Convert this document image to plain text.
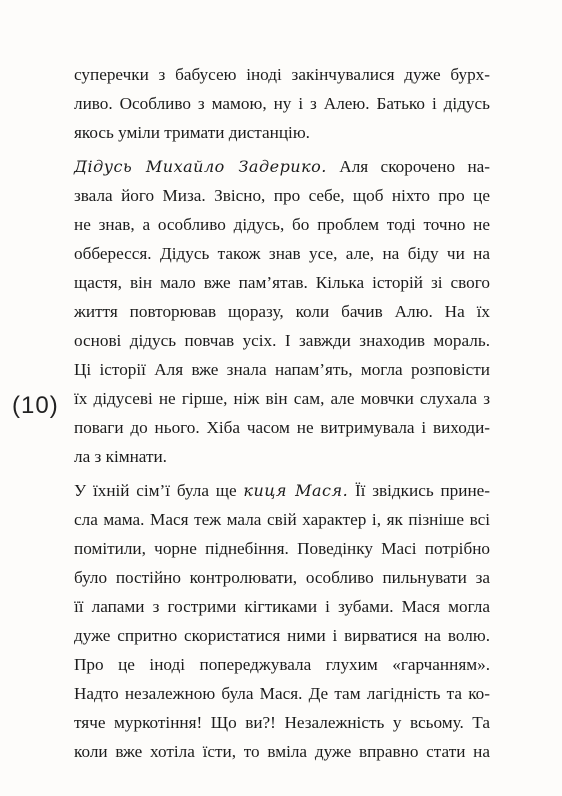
(10)
суперечки з бабусею іноді закінчувалися дуже бурх-
ливо. Особливо з мамою, ну і з Алею. Батько і дідусь
якось уміли тримати дистанцію.
Дідусь Михайло Задерико. Аля скорочено на-
звала його Миза. Звісно, про себе, щоб ніхто про це
не знав, а особливо дідусь, бо проблем тоді точно не
оббересся. Дідусь також знав усе, але, на біду чи на
щастя, він мало вже пам’ятав. Кілька історій зі свого
життя повторював щоразу, коли бачив Алю. На їх
основі дідусь повчав усіх. І завжди знаходив мораль.
Ці історії Аля вже знала напам’ять, могла розповісти
їх дідусеві не гірше, ніж він сам, але мовчки слухала з
поваги до нього. Хіба часом не витримувала і виходи-
ла з кімнати.
У їхній сім’ї була ще киця Мася. Її звідкись прине-
сла мама. Мася теж мала свій характер і, як пізніше всі
помітили, чорне піднебіння. Поведінку Масі потрібно
було постійно контролювати, особливо пильнувати за
її лапами з гострими кігтиками і зубами. Мася могла
дуже спритно скористатися ними і вирватися на волю.
Про це іноді попереджувала глухим «гарчанням».
Надто незалежною була Мася. Де там лагідність та ко-
тяче муркотіння! Що ви?! Незалежність у всьому. Та
коли вже хотіла їсти, то вміла дуже вправно стати на
